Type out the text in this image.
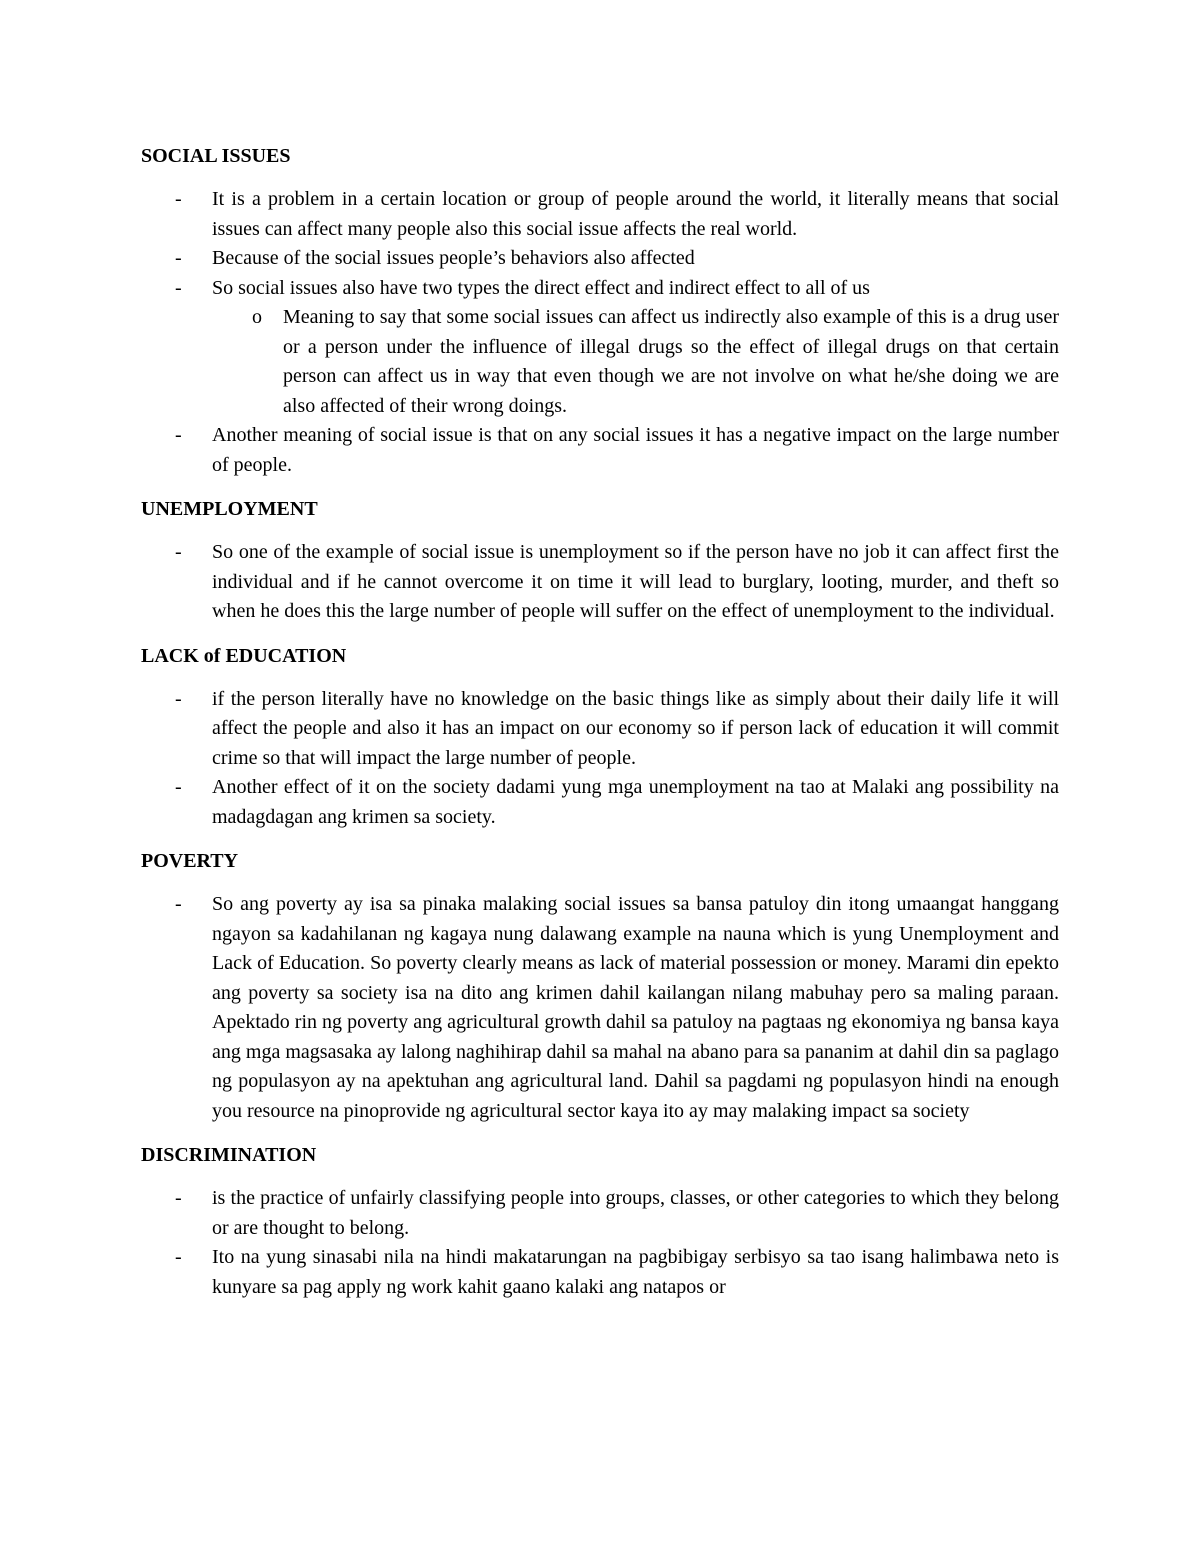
SOCIAL ISSUES
- It is a problem in a certain location or group of people around the world, it literally means that social issues can affect many people also this social issue affects the real world.
- Because of the social issues people’s behaviors also affected
- So social issues also have two types the direct effect and indirect effect to all of us
o Meaning to say that some social issues can affect us indirectly also example of this is a drug user or a person under the influence of illegal drugs so the effect of illegal drugs on that certain person can affect us in way that even though we are not involve on what he/she doing we are also affected of their wrong doings.
- Another meaning of social issue is that on any social issues it has a negative impact on the large number of people.
UNEMPLOYMENT
- So one of the example of social issue is unemployment so if the person have no job it can affect first the individual and if he cannot overcome it on time it will lead to burglary, looting, murder, and theft so when he does this the large number of people will suffer on the effect of unemployment to the individual.
LACK of EDUCATION
- if the person literally have no knowledge on the basic things like as simply about their daily life it will affect the people and also it has an impact on our economy so if person lack of education it will commit crime so that will impact the large number of people.
- Another effect of it on the society dadami yung mga unemployment na tao at Malaki ang possibility na madagdagan ang krimen sa society.
POVERTY
- So ang poverty ay isa sa pinaka malaking social issues sa bansa patuloy din itong umaangat hanggang ngayon sa kadahilanan ng kagaya nung dalawang example na nauna which is yung Unemployment and Lack of Education. So poverty clearly means as lack of material possession or money. Marami din epekto ang poverty sa society isa na dito ang krimen dahil kailangan nilang mabuhay pero sa maling paraan. Apektado rin ng poverty ang agricultural growth dahil sa patuloy na pagtaas ng ekonomiya ng bansa kaya ang mga magsasaka ay lalong naghihirap dahil sa mahal na abano para sa pananim at dahil din sa paglago ng populasyon ay na apektuhan ang agricultural land. Dahil sa pagdami ng populasyon hindi na enough you resource na pinoprovide ng agricultural sector kaya ito ay may malaking impact sa society
DISCRIMINATION
- is the practice of unfairly classifying people into groups, classes, or other categories to which they belong or are thought to belong.
- Ito na yung sinasabi nila na hindi makatarungan na pagbibigay serbisyo sa tao isang halimbawa neto is kunyare sa pag apply ng work kahit gaano kalaki ang natapos or
